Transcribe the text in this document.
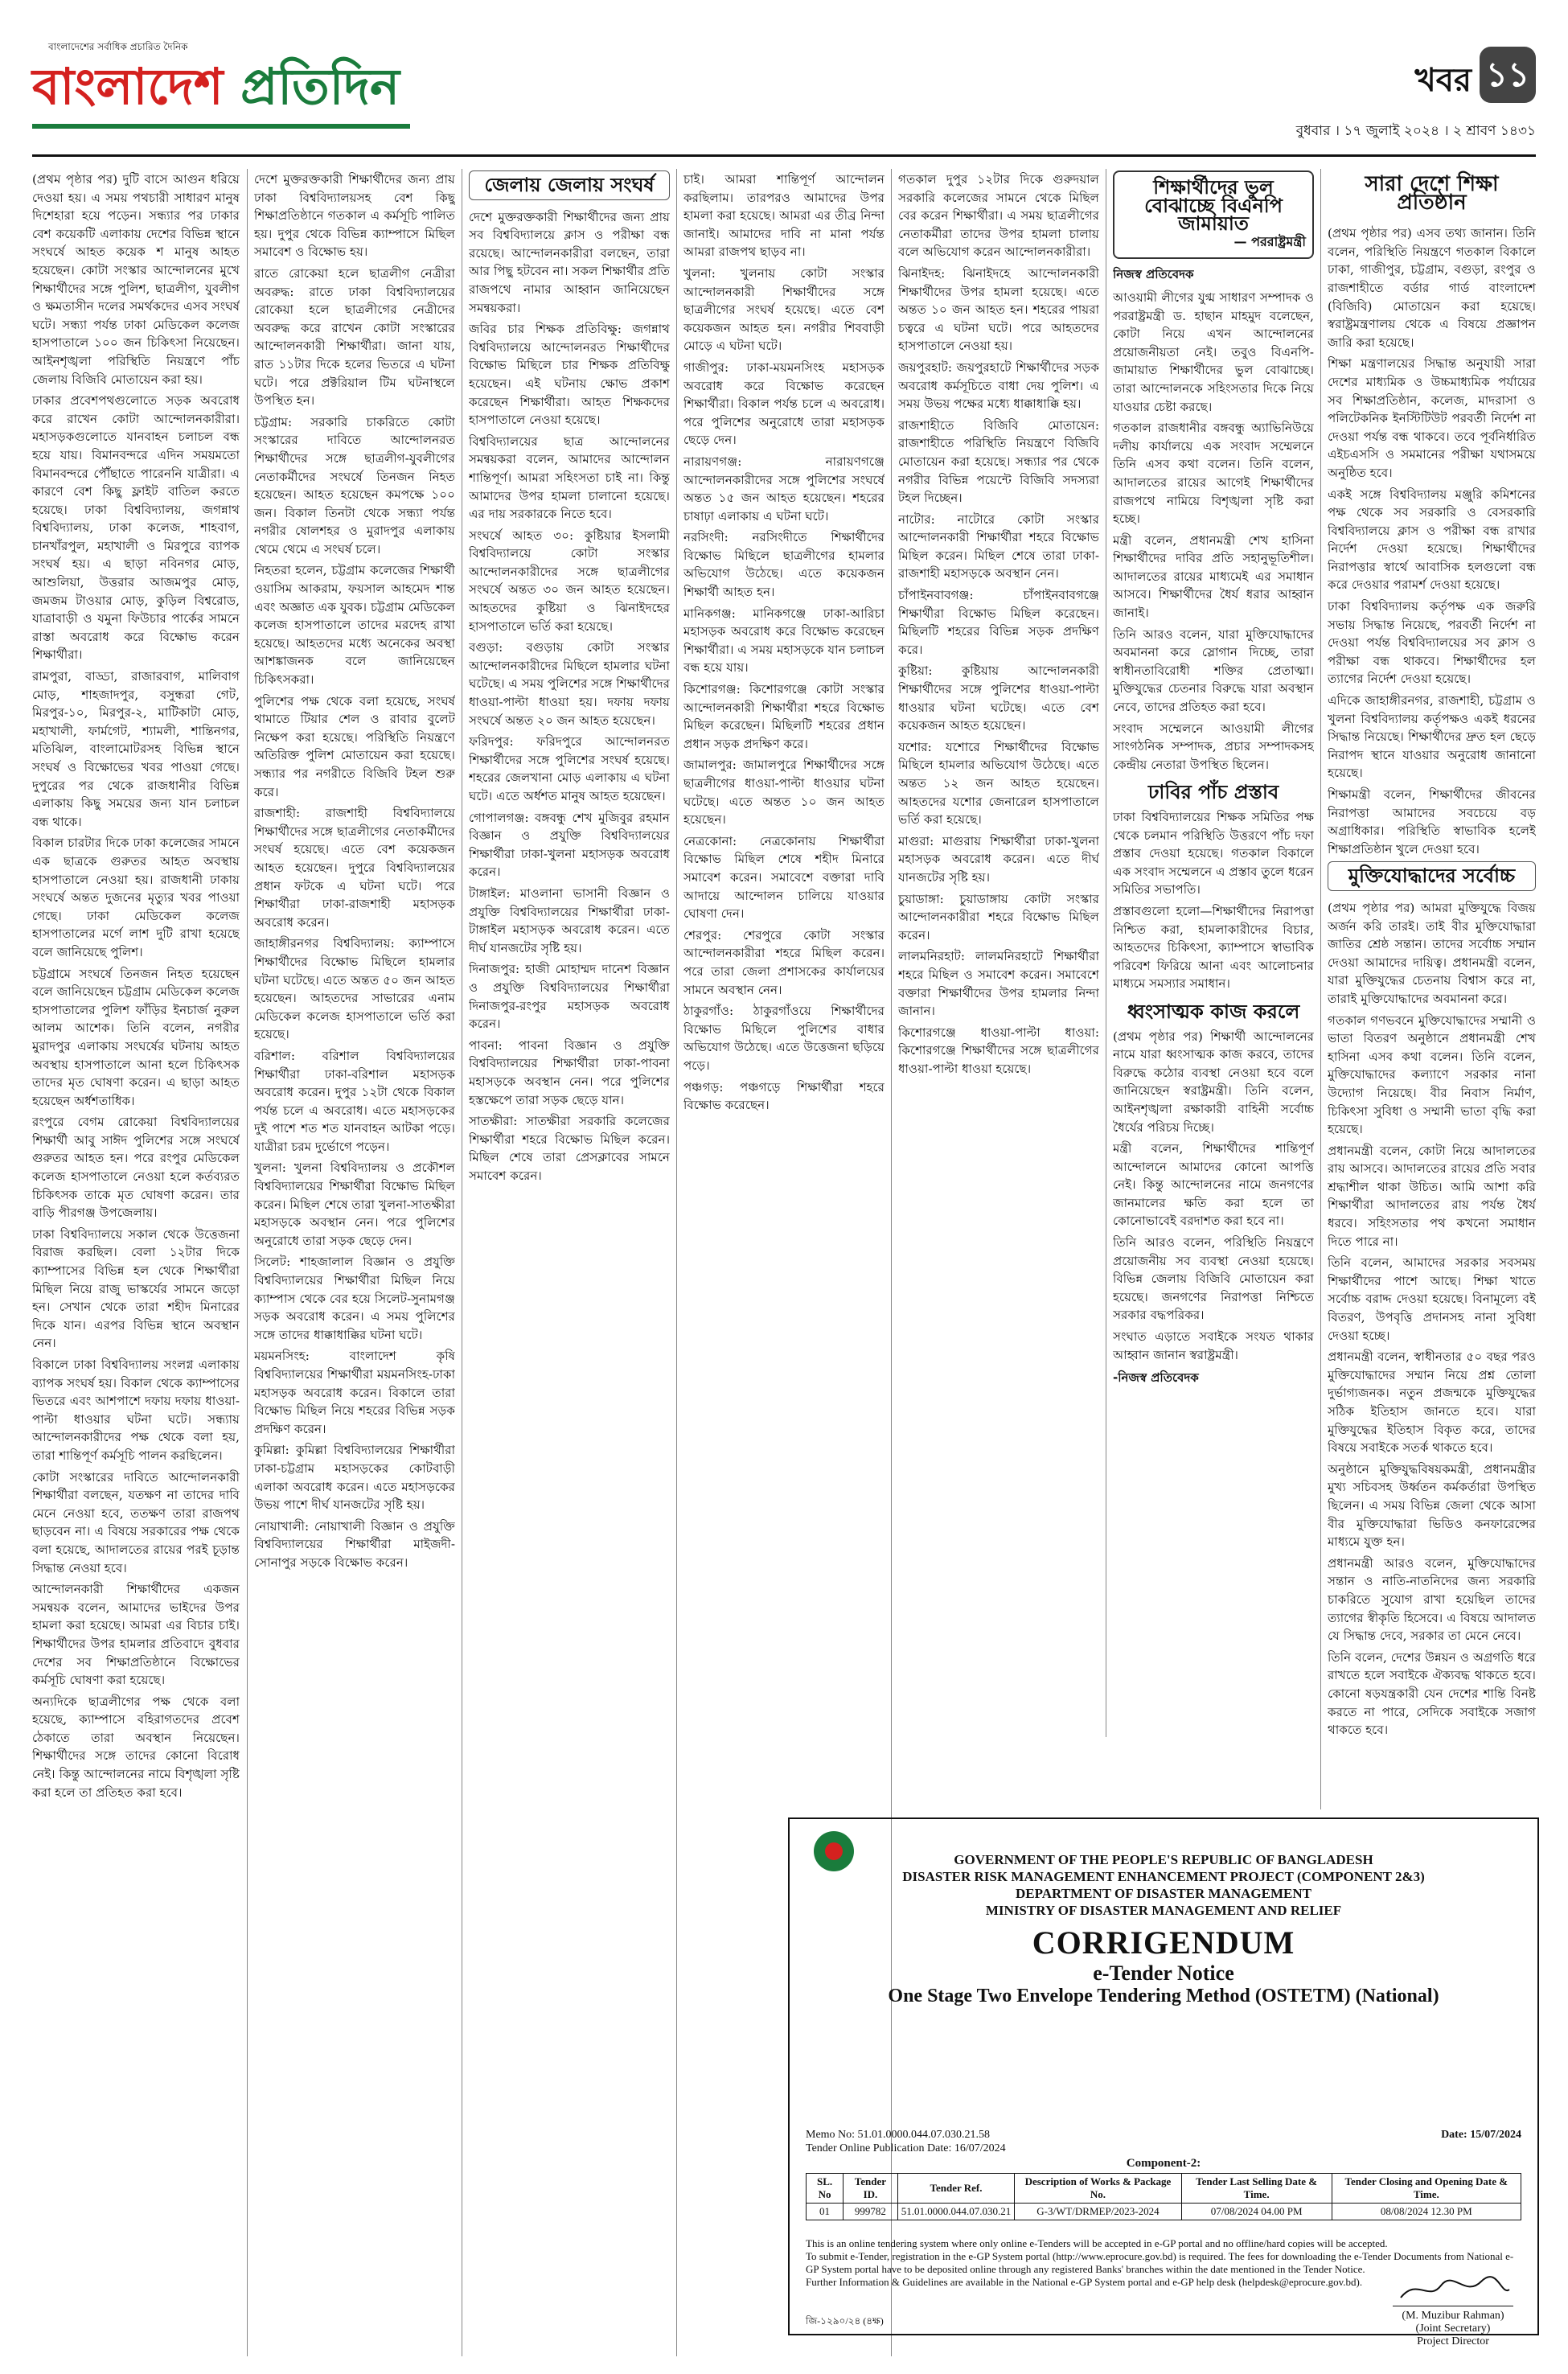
বাংলাদেশের সর্বাধিক প্রচারিত দৈনিক
বাংলাদেশ প্রতিদিন	খবর ১১
বুধবার । ১৭ জুলাই ২০২৪ । ২ শ্রাবণ ১৪৩১

(প্রথম পৃষ্ঠার পর) দুটি বাসে আগুন ধরিয়ে দেওয়া হয়। এ সময় পথচারী সাধারণ মানুষ দিশেহারা হয়ে পড়েন। সন্ধ্যার পর ঢাকার বেশ কয়েকটি এলাকায় দেশের বিভিন্ন স্থানে সংঘর্ষে আহত কয়েক শ মানুষ আহত হয়েছেন। কোটা সংস্কার আন্দোলনের মুখে শিক্ষার্থীদের সঙ্গে পুলিশ, ছাত্রলীগ, যুবলীগ ও ক্ষমতাসীন দলের সমর্থকদের এসব সংঘর্ষ ঘটে। সন্ধ্যা পর্যন্ত ঢাকা মেডিকেল কলেজ হাসপাতালে ১০০ জন চিকিৎসা নিয়েছেন। আইনশৃঙ্খলা পরিস্থিতি নিয়ন্ত্রণে পাঁচ জেলায় বিজিবি মোতায়েন করা হয়।

ঢাকার প্রবেশপথগুলোতে সড়ক অবরোধ করে রাখেন কোটা আন্দোলনকারীরা। মহাসড়কগুলোতে যানবাহন চলাচল বন্ধ হয়ে যায়। বিমানবন্দরে এদিন সময়মতো বিমানবন্দরে পৌঁছাতে পারেননি যাত্রীরা। এ কারণে বেশ কিছু ফ্লাইট বাতিল করতে হয়েছে। ঢাকা বিশ্ববিদ্যালয়, জগন্নাথ বিশ্ববিদ্যালয়, ঢাকা কলেজ, শাহবাগ, চানখাঁরপুল, মহাখালী ও মিরপুরে ব্যাপক সংঘর্ষ হয়। এ ছাড়া নবিনগর মোড়, আশুলিয়া, উত্তরার আজমপুর মোড়, জমজম টাওয়ার মোড়, কুড়িল বিশ্বরোড, যাত্রাবাড়ী ও যমুনা ফিউচার পার্কের সামনে রাস্তা অবরোধ করে বিক্ষোভ করেন শিক্ষার্থীরা।

রামপুরা, বাড্ডা, রাজারবাগ, মালিবাগ মোড়, শাহজাদপুর, বসুন্ধরা গেট, মিরপুর-১০, মিরপুর-২, মাটিকাটা মোড়, মহাখালী, ফার্মগেট, শ্যামলী, শান্তিনগর, মতিঝিল, বাংলামোটরসহ বিভিন্ন স্থানে সংঘর্ষ ও বিক্ষোভের খবর পাওয়া গেছে। দুপুরের পর থেকে রাজধানীর বিভিন্ন এলাকায় কিছু সময়ের জন্য যান চলাচল বন্ধ থাকে।

বিকাল চারটার দিকে ঢাকা কলেজের সামনে এক ছাত্রকে গুরুতর আহত অবস্থায় হাসপাতালে নেওয়া হয়। রাজধানী ঢাকায় সংঘর্ষে অন্তত দুজনের মৃত্যুর খবর পাওয়া গেছে। ঢাকা মেডিকেল কলেজ হাসপাতালের মর্গে লাশ দুটি রাখা হয়েছে বলে জানিয়েছে পুলিশ।

চট্টগ্রামে সংঘর্ষে তিনজন নিহত হয়েছেন বলে জানিয়েছেন চট্টগ্রাম মেডিকেল কলেজ হাসপাতালের পুলিশ ফাঁড়ির ইনচার্জ নুরুল আলম আশেক। তিনি বলেন, নগরীর মুরাদপুর এলাকায় সংঘর্ষের ঘটনায় আহত অবস্থায় হাসপাতালে আনা হলে চিকিৎসক তাদের মৃত ঘোষণা করেন। এ ছাড়া আহত হয়েছেন অর্ধশতাধিক।

রংপুরে বেগম রোকেয়া বিশ্ববিদ্যালয়ের শিক্ষার্থী আবু সাঈদ পুলিশের সঙ্গে সংঘর্ষে গুরুতর আহত হন। পরে রংপুর মেডিকেল কলেজ হাসপাতালে নেওয়া হলে কর্তব্যরত চিকিৎসক তাকে মৃত ঘোষণা করেন। তার বাড়ি পীরগঞ্জ উপজেলায়।

ঢাকা বিশ্ববিদ্যালয়ে সকাল থেকে উত্তেজনা বিরাজ করছিল। বেলা ১২টার দিকে ক্যাম্পাসের বিভিন্ন হল থেকে শিক্ষার্থীরা মিছিল নিয়ে রাজু ভাস্কর্যের সামনে জড়ো হন। সেখান থেকে তারা শহীদ মিনারের দিকে যান। এরপর বিভিন্ন স্থানে অবস্থান নেন।

বিকালে ঢাকা বিশ্ববিদ্যালয় সংলগ্ন এলাকায় ব্যাপক সংঘর্ষ হয়। বিকাল থেকে ক্যাম্পাসের ভিতরে এবং আশপাশে দফায় দফায় ধাওয়া-পাল্টা ধাওয়ার ঘটনা ঘটে। সন্ধ্যায় আন্দোলনকারীদের পক্ষ থেকে বলা হয়, তারা শান্তিপূর্ণ কর্মসূচি পালন করছিলেন।

কোটা সংস্কারের দাবিতে আন্দোলনকারী শিক্ষার্থীরা বলছেন, যতক্ষণ না তাদের দাবি মেনে নেওয়া হবে, ততক্ষণ তারা রাজপথ ছাড়বেন না। এ বিষয়ে সরকারের পক্ষ থেকে বলা হয়েছে, আদালতের রায়ের পরই চূড়ান্ত সিদ্ধান্ত নেওয়া হবে।

আন্দোলনকারী শিক্ষার্থীদের একজন সমন্বয়ক বলেন, আমাদের ভাইদের উপর হামলা করা হয়েছে। আমরা এর বিচার চাই। শিক্ষার্থীদের উপর হামলার প্রতিবাদে বুধবার দেশের সব শিক্ষাপ্রতিষ্ঠানে বিক্ষোভের কর্মসূচি ঘোষণা করা হয়েছে।

অন্যদিকে ছাত্রলীগের পক্ষ থেকে বলা হয়েছে, ক্যাম্পাসে বহিরাগতদের প্রবেশ ঠেকাতে তারা অবস্থান নিয়েছেন। শিক্ষার্থীদের সঙ্গে তাদের কোনো বিরোধ নেই। কিন্তু আন্দোলনের নামে বিশৃঙ্খলা সৃষ্টি করা হলে তা প্রতিহত করা হবে।

দেশে মুক্তরক্তকারী শিক্ষার্থীদের জন্য প্রায় ঢাকা বিশ্ববিদ্যালয়সহ বেশ কিছু শিক্ষাপ্রতিষ্ঠানে গতকাল এ কর্মসূচি পালিত হয়। দুপুর থেকে বিভিন্ন ক্যাম্পাসে মিছিল সমাবেশ ও বিক্ষোভ হয়।

রাতে রোকেয়া হলে ছাত্রলীগ নেত্রীরা অবরুদ্ধ: রাতে ঢাকা বিশ্ববিদ্যালয়ের রোকেয়া হলে ছাত্রলীগের নেত্রীদের অবরুদ্ধ করে রাখেন কোটা সংস্কারের আন্দোলনকারী শিক্ষার্থীরা। জানা যায়, রাত ১১টার দিকে হলের ভিতরে এ ঘটনা ঘটে। পরে প্রক্টরিয়াল টিম ঘটনাস্থলে উপস্থিত হন।

চট্টগ্রাম: সরকারি চাকরিতে কোটা সংস্কারের দাবিতে আন্দোলনরত শিক্ষার্থীদের সঙ্গে ছাত্রলীগ-যুবলীগের নেতাকর্মীদের সংঘর্ষে তিনজন নিহত হয়েছেন। আহত হয়েছেন কমপক্ষে ১০০ জন। বিকাল তিনটা থেকে সন্ধ্যা পর্যন্ত নগরীর ষোলশহর ও মুরাদপুর এলাকায় থেমে থেমে এ সংঘর্ষ চলে।

নিহতরা হলেন, চট্টগ্রাম কলেজের শিক্ষার্থী ওয়াসিম আকরাম, ফয়সাল আহমেদ শান্ত এবং অজ্ঞাত এক যুবক। চট্টগ্রাম মেডিকেল কলেজ হাসপাতালে তাদের মরদেহ রাখা হয়েছে। আহতদের মধ্যে অনেকের অবস্থা আশঙ্কাজনক বলে জানিয়েছেন চিকিৎসকরা।

পুলিশের পক্ষ থেকে বলা হয়েছে, সংঘর্ষ থামাতে টিয়ার শেল ও রাবার বুলেট নিক্ষেপ করা হয়েছে। পরিস্থিতি নিয়ন্ত্রণে অতিরিক্ত পুলিশ মোতায়েন করা হয়েছে। সন্ধ্যার পর নগরীতে বিজিবি টহল শুরু করে।

রাজশাহী: রাজশাহী বিশ্ববিদ্যালয়ে শিক্ষার্থীদের সঙ্গে ছাত্রলীগের নেতাকর্মীদের সংঘর্ষ হয়েছে। এতে বেশ কয়েকজন আহত হয়েছেন। দুপুরে বিশ্ববিদ্যালয়ের প্রধান ফটকে এ ঘটনা ঘটে। পরে শিক্ষার্থীরা ঢাকা-রাজশাহী মহাসড়ক অবরোধ করেন।

জাহাঙ্গীরনগর বিশ্ববিদ্যালয়: ক্যাম্পাসে শিক্ষার্থীদের বিক্ষোভ মিছিলে হামলার ঘটনা ঘটেছে। এতে অন্তত ৫০ জন আহত হয়েছেন। আহতদের সাভারের এনাম মেডিকেল কলেজ হাসপাতালে ভর্তি করা হয়েছে।

বরিশাল: বরিশাল বিশ্ববিদ্যালয়ের শিক্ষার্থীরা ঢাকা-বরিশাল মহাসড়ক অবরোধ করেন। দুপুর ১২টা থেকে বিকাল পর্যন্ত চলে এ অবরোধ। এতে মহাসড়কের দুই পাশে শত শত যানবাহন আটকা পড়ে। যাত্রীরা চরম দুর্ভোগে পড়েন।

খুলনা: খুলনা বিশ্ববিদ্যালয় ও প্রকৌশল বিশ্ববিদ্যালয়ের শিক্ষার্থীরা বিক্ষোভ মিছিল করেন। মিছিল শেষে তারা খুলনা-সাতক্ষীরা মহাসড়কে অবস্থান নেন। পরে পুলিশের অনুরোধে তারা সড়ক ছেড়ে দেন।

সিলেট: শাহজালাল বিজ্ঞান ও প্রযুক্তি বিশ্ববিদ্যালয়ের শিক্ষার্থীরা মিছিল নিয়ে ক্যাম্পাস থেকে বের হয়ে সিলেট-সুনামগঞ্জ সড়ক অবরোধ করেন। এ সময় পুলিশের সঙ্গে তাদের ধাক্কাধাক্কির ঘটনা ঘটে।

ময়মনসিংহ: বাংলাদেশ কৃষি বিশ্ববিদ্যালয়ের শিক্ষার্থীরা ময়মনসিংহ-ঢাকা মহাসড়ক অবরোধ করেন। বিকালে তারা বিক্ষোভ মিছিল নিয়ে শহরের বিভিন্ন সড়ক প্রদক্ষিণ করেন।

কুমিল্লা: কুমিল্লা বিশ্ববিদ্যালয়ের শিক্ষার্থীরা ঢাকা-চট্টগ্রাম মহাসড়কের কোটবাড়ী এলাকা অবরোধ করেন। এতে মহাসড়কের উভয় পাশে দীর্ঘ যানজটের সৃষ্টি হয়।

নোয়াখালী: নোয়াখালী বিজ্ঞান ও প্রযুক্তি বিশ্ববিদ্যালয়ের শিক্ষার্থীরা মাইজদী-সোনাপুর সড়কে বিক্ষোভ করেন।

জেলায় জেলায় সংঘর্ষ

দেশে মুক্তরক্তকারী শিক্ষার্থীদের জন্য প্রায় সব বিশ্ববিদ্যালয়ে ক্লাস ও পরীক্ষা বন্ধ রয়েছে। আন্দোলনকারীরা বলছেন, তারা আর পিছু হটবেন না। সকল শিক্ষার্থীর প্রতি রাজপথে নামার আহ্বান জানিয়েছেন সমন্বয়করা।

জবির চার শিক্ষক প্রতিবিক্ষু: জগন্নাথ বিশ্ববিদ্যালয়ে আন্দোলনরত শিক্ষার্থীদের বিক্ষোভ মিছিলে চার শিক্ষক প্রতিবিক্ষু হয়েছেন। এই ঘটনায় ক্ষোভ প্রকাশ করেছেন শিক্ষার্থীরা। আহত শিক্ষকদের হাসপাতালে নেওয়া হয়েছে।

বিশ্ববিদ্যালয়ের ছাত্র আন্দোলনের সমন্বয়করা বলেন, আমাদের আন্দোলন শান্তিপূর্ণ। আমরা সহিংসতা চাই না। কিন্তু আমাদের উপর হামলা চালানো হয়েছে। এর দায় সরকারকে নিতে হবে।

সংঘর্ষে আহত ৩০: কুষ্টিয়ার ইসলামী বিশ্ববিদ্যালয়ে কোটা সংস্কার আন্দোলনকারীদের সঙ্গে ছাত্রলীগের সংঘর্ষে অন্তত ৩০ জন আহত হয়েছেন। আহতদের কুষ্টিয়া ও ঝিনাইদহের হাসপাতালে ভর্তি করা হয়েছে।

বগুড়া: বগুড়ায় কোটা সংস্কার আন্দোলনকারীদের মিছিলে হামলার ঘটনা ঘটেছে। এ সময় পুলিশের সঙ্গে শিক্ষার্থীদের ধাওয়া-পাল্টা ধাওয়া হয়। দফায় দফায় সংঘর্ষে অন্তত ২০ জন আহত হয়েছেন।

ফরিদপুর: ফরিদপুরে আন্দোলনরত শিক্ষার্থীদের সঙ্গে পুলিশের সংঘর্ষ হয়েছে। শহরের জেলখানা মোড় এলাকায় এ ঘটনা ঘটে। এতে অর্ধশত মানুষ আহত হয়েছেন।

গোপালগঞ্জ: বঙ্গবন্ধু শেখ মুজিবুর রহমান বিজ্ঞান ও প্রযুক্তি বিশ্ববিদ্যালয়ের শিক্ষার্থীরা ঢাকা-খুলনা মহাসড়ক অবরোধ করেন।

টাঙ্গাইল: মাওলানা ভাসানী বিজ্ঞান ও প্রযুক্তি বিশ্ববিদ্যালয়ের শিক্ষার্থীরা ঢাকা-টাঙ্গাইল মহাসড়ক অবরোধ করেন। এতে দীর্ঘ যানজটের সৃষ্টি হয়।

দিনাজপুর: হাজী মোহাম্মদ দানেশ বিজ্ঞান ও প্রযুক্তি বিশ্ববিদ্যালয়ের শিক্ষার্থীরা দিনাজপুর-রংপুর মহাসড়ক অবরোধ করেন।

পাবনা: পাবনা বিজ্ঞান ও প্রযুক্তি বিশ্ববিদ্যালয়ের শিক্ষার্থীরা ঢাকা-পাবনা মহাসড়কে অবস্থান নেন। পরে পুলিশের হস্তক্ষেপে তারা সড়ক ছেড়ে যান।

সাতক্ষীরা: সাতক্ষীরা সরকারি কলেজের শিক্ষার্থীরা শহরে বিক্ষোভ মিছিল করেন। মিছিল শেষে তারা প্রেসক্লাবের সামনে সমাবেশ করেন।

চাই। আমরা শান্তিপূর্ণ আন্দোলন করছিলাম। তারপরও আমাদের উপর হামলা করা হয়েছে। আমরা এর তীব্র নিন্দা জানাই। আমাদের দাবি না মানা পর্যন্ত আমরা রাজপথ ছাড়ব না।

খুলনা: খুলনায় কোটা সংস্কার আন্দোলনকারী শিক্ষার্থীদের সঙ্গে ছাত্রলীগের সংঘর্ষ হয়েছে। এতে বেশ কয়েকজন আহত হন। নগরীর শিববাড়ী মোড়ে এ ঘটনা ঘটে।

গাজীপুর: ঢাকা-ময়মনসিংহ মহাসড়ক অবরোধ করে বিক্ষোভ করেছেন শিক্ষার্থীরা। বিকাল পর্যন্ত চলে এ অবরোধ। পরে পুলিশের অনুরোধে তারা মহাসড়ক ছেড়ে দেন।

নারায়ণগঞ্জ: নারায়ণগঞ্জে আন্দোলনকারীদের সঙ্গে পুলিশের সংঘর্ষে অন্তত ১৫ জন আহত হয়েছেন। শহরের চাষাঢ়া এলাকায় এ ঘটনা ঘটে।

নরসিংদী: নরসিংদীতে শিক্ষার্থীদের বিক্ষোভ মিছিলে ছাত্রলীগের হামলার অভিযোগ উঠেছে। এতে কয়েকজন শিক্ষার্থী আহত হন।

মানিকগঞ্জ: মানিকগঞ্জে ঢাকা-আরিচা মহাসড়ক অবরোধ করে বিক্ষোভ করেছেন শিক্ষার্থীরা। এ সময় মহাসড়কে যান চলাচল বন্ধ হয়ে যায়।

কিশোরগঞ্জ: কিশোরগঞ্জে কোটা সংস্কার আন্দোলনকারী শিক্ষার্থীরা শহরে বিক্ষোভ মিছিল করেছেন। মিছিলটি শহরের প্রধান প্রধান সড়ক প্রদক্ষিণ করে।

জামালপুর: জামালপুরে শিক্ষার্থীদের সঙ্গে ছাত্রলীগের ধাওয়া-পাল্টা ধাওয়ার ঘটনা ঘটেছে। এতে অন্তত ১০ জন আহত হয়েছেন।

নেত্রকোনা: নেত্রকোনায় শিক্ষার্থীরা বিক্ষোভ মিছিল শেষে শহীদ মিনারে সমাবেশ করেন। সমাবেশে বক্তারা দাবি আদায়ে আন্দোলন চালিয়ে যাওয়ার ঘোষণা দেন।

শেরপুর: শেরপুরে কোটা সংস্কার আন্দোলনকারীরা শহরে মিছিল করেন। পরে তারা জেলা প্রশাসকের কার্যালয়ের সামনে অবস্থান নেন।

ঠাকুরগাঁও: ঠাকুরগাঁওয়ে শিক্ষার্থীদের বিক্ষোভ মিছিলে পুলিশের বাধার অভিযোগ উঠেছে। এতে উত্তেজনা ছড়িয়ে পড়ে।

পঞ্চগড়: পঞ্চগড়ে শিক্ষার্থীরা শহরে বিক্ষোভ করেছেন।

গতকাল দুপুর ১২টার দিকে গুরুদয়াল সরকারি কলেজের সামনে থেকে মিছিল বের করেন শিক্ষার্থীরা। এ সময় ছাত্রলীগের নেতাকর্মীরা তাদের উপর হামলা চালায় বলে অভিযোগ করেন আন্দোলনকারীরা।

ঝিনাইদহ: ঝিনাইদহে আন্দোলনকারী শিক্ষার্থীদের উপর হামলা হয়েছে। এতে অন্তত ১০ জন আহত হন। শহরের পায়রা চত্বরে এ ঘটনা ঘটে। পরে আহতদের হাসপাতালে নেওয়া হয়।

জয়পুরহাট: জয়পুরহাটে শিক্ষার্থীদের সড়ক অবরোধ কর্মসূচিতে বাধা দেয় পুলিশ। এ সময় উভয় পক্ষের মধ্যে ধাক্কাধাক্কি হয়।

রাজশাহীতে বিজিবি মোতায়েন: রাজশাহীতে পরিস্থিতি নিয়ন্ত্রণে বিজিবি মোতায়েন করা হয়েছে। সন্ধ্যার পর থেকে নগরীর বিভিন্ন পয়েন্টে বিজিবি সদস্যরা টহল দিচ্ছেন।

নাটোর: নাটোরে কোটা সংস্কার আন্দোলনকারী শিক্ষার্থীরা শহরে বিক্ষোভ মিছিল করেন। মিছিল শেষে তারা ঢাকা-রাজশাহী মহাসড়কে অবস্থান নেন।

চাঁপাইনবাবগঞ্জ: চাঁপাইনবাবগঞ্জে শিক্ষার্থীরা বিক্ষোভ মিছিল করেছেন। মিছিলটি শহরের বিভিন্ন সড়ক প্রদক্ষিণ করে।

কুষ্টিয়া: কুষ্টিয়ায় আন্দোলনকারী শিক্ষার্থীদের সঙ্গে পুলিশের ধাওয়া-পাল্টা ধাওয়ার ঘটনা ঘটেছে। এতে বেশ কয়েকজন আহত হয়েছেন।

যশোর: যশোরে শিক্ষার্থীদের বিক্ষোভ মিছিলে হামলার অভিযোগ উঠেছে। এতে অন্তত ১২ জন আহত হয়েছেন। আহতদের যশোর জেনারেল হাসপাতালে ভর্তি করা হয়েছে।

মাগুরা: মাগুরায় শিক্ষার্থীরা ঢাকা-খুলনা মহাসড়ক অবরোধ করেন। এতে দীর্ঘ যানজটের সৃষ্টি হয়।

চুয়াডাঙ্গা: চুয়াডাঙ্গায় কোটা সংস্কার আন্দোলনকারীরা শহরে বিক্ষোভ মিছিল করেন।

লালমনিরহাট: লালমনিরহাটে শিক্ষার্থীরা শহরে মিছিল ও সমাবেশ করেন। সমাবেশে বক্তারা শিক্ষার্থীদের উপর হামলার নিন্দা জানান।

কিশোরগঞ্জে ধাওয়া-পাল্টা ধাওয়া: কিশোরগঞ্জে শিক্ষার্থীদের সঙ্গে ছাত্রলীগের ধাওয়া-পাল্টা ধাওয়া হয়েছে।

শিক্ষার্থীদের ভুল বোঝাচ্ছে বিএনপি জামায়াত
— পররাষ্ট্রমন্ত্রী
নিজস্ব প্রতিবেদক

আওয়ামী লীগের যুগ্ম সাধারণ সম্পাদক ও পররাষ্ট্রমন্ত্রী ড. হাছান মাহমুদ বলেছেন, কোটা নিয়ে এখন আন্দোলনের প্রয়োজনীয়তা নেই। তবুও বিএনপি-জামায়াত শিক্ষার্থীদের ভুল বোঝাচ্ছে। তারা আন্দোলনকে সহিংসতার দিকে নিয়ে যাওয়ার চেষ্টা করছে।

গতকাল রাজধানীর বঙ্গবন্ধু অ্যাভিনিউয়ে দলীয় কার্যালয়ে এক সংবাদ সম্মেলনে তিনি এসব কথা বলেন। তিনি বলেন, আদালতের রায়ের আগেই শিক্ষার্থীদের রাজপথে নামিয়ে বিশৃঙ্খলা সৃষ্টি করা হচ্ছে।

মন্ত্রী বলেন, প্রধানমন্ত্রী শেখ হাসিনা শিক্ষার্থীদের দাবির প্রতি সহানুভূতিশীল। আদালতের রায়ের মাধ্যমেই এর সমাধান আসবে। শিক্ষার্থীদের ধৈর্য ধরার আহ্বান জানাই।

তিনি আরও বলেন, যারা মুক্তিযোদ্ধাদের অবমাননা করে স্লোগান দিচ্ছে, তারা স্বাধীনতাবিরোধী শক্তির প্রেতাত্মা। মুক্তিযুদ্ধের চেতনার বিরুদ্ধে যারা অবস্থান নেবে, তাদের প্রতিহত করা হবে।

সংবাদ সম্মেলনে আওয়ামী লীগের সাংগঠনিক সম্পাদক, প্রচার সম্পাদকসহ কেন্দ্রীয় নেতারা উপস্থিত ছিলেন।

ঢাবির পাঁচ প্রস্তাব

ঢাকা বিশ্ববিদ্যালয়ের শিক্ষক সমিতির পক্ষ থেকে চলমান পরিস্থিতি উত্তরণে পাঁচ দফা প্রস্তাব দেওয়া হয়েছে। গতকাল বিকালে এক সংবাদ সম্মেলনে এ প্রস্তাব তুলে ধরেন সমিতির সভাপতি।

প্রস্তাবগুলো হলো—শিক্ষার্থীদের নিরাপত্তা নিশ্চিত করা, হামলাকারীদের বিচার, আহতদের চিকিৎসা, ক্যাম্পাসে স্বাভাবিক পরিবেশ ফিরিয়ে আনা এবং আলোচনার মাধ্যমে সমস্যার সমাধান।

ধ্বংসাত্মক কাজ করলে

(প্রথম পৃষ্ঠার পর) শিক্ষার্থী আন্দোলনের নামে যারা ধ্বংসাত্মক কাজ করবে, তাদের বিরুদ্ধে কঠোর ব্যবস্থা নেওয়া হবে বলে জানিয়েছেন স্বরাষ্ট্রমন্ত্রী। তিনি বলেন, আইনশৃঙ্খলা রক্ষাকারী বাহিনী সর্বোচ্চ ধৈর্যের পরিচয় দিচ্ছে।

মন্ত্রী বলেন, শিক্ষার্থীদের শান্তিপূর্ণ আন্দোলনে আমাদের কোনো আপত্তি নেই। কিন্তু আন্দোলনের নামে জনগণের জানমালের ক্ষতি করা হলে তা কোনোভাবেই বরদাশত করা হবে না।

তিনি আরও বলেন, পরিস্থিতি নিয়ন্ত্রণে প্রয়োজনীয় সব ব্যবস্থা নেওয়া হয়েছে। বিভিন্ন জেলায় বিজিবি মোতায়েন করা হয়েছে। জনগণের নিরাপত্তা নিশ্চিতে সরকার বদ্ধপরিকর।

সংঘাত এড়াতে সবাইকে সংযত থাকার আহ্বান জানান স্বরাষ্ট্রমন্ত্রী।

-নিজস্ব প্রতিবেদক
সারা দেশে শিক্ষা প্রতিষ্ঠান

(প্রথম পৃষ্ঠার পর) এসব তথ্য জানান। তিনি বলেন, পরিস্থিতি নিয়ন্ত্রণে গতকাল বিকালে ঢাকা, গাজীপুর, চট্টগ্রাম, বগুড়া, রংপুর ও রাজশাহীতে বর্ডার গার্ড বাংলাদেশ (বিজিবি) মোতায়েন করা হয়েছে। স্বরাষ্ট্রমন্ত্রণালয় থেকে এ বিষয়ে প্রজ্ঞাপন জারি করা হয়েছে।

শিক্ষা মন্ত্রণালয়ের সিদ্ধান্ত অনুযায়ী সারা দেশের মাধ্যমিক ও উচ্চমাধ্যমিক পর্যায়ের সব শিক্ষাপ্রতিষ্ঠান, কলেজ, মাদরাসা ও পলিটেকনিক ইনস্টিটিউট পরবর্তী নির্দেশ না দেওয়া পর্যন্ত বন্ধ থাকবে। তবে পূর্বনির্ধারিত এইচএসসি ও সমমানের পরীক্ষা যথাসময়ে অনুষ্ঠিত হবে।

একই সঙ্গে বিশ্ববিদ্যালয় মঞ্জুরি কমিশনের পক্ষ থেকে সব সরকারি ও বেসরকারি বিশ্ববিদ্যালয়ে ক্লাস ও পরীক্ষা বন্ধ রাখার নির্দেশ দেওয়া হয়েছে। শিক্ষার্থীদের নিরাপত্তার স্বার্থে আবাসিক হলগুলো বন্ধ করে দেওয়ার পরামর্শ দেওয়া হয়েছে।

ঢাকা বিশ্ববিদ্যালয় কর্তৃপক্ষ এক জরুরি সভায় সিদ্ধান্ত নিয়েছে, পরবর্তী নির্দেশ না দেওয়া পর্যন্ত বিশ্ববিদ্যালয়ের সব ক্লাস ও পরীক্ষা বন্ধ থাকবে। শিক্ষার্থীদের হল ত্যাগের নির্দেশ দেওয়া হয়েছে।

এদিকে জাহাঙ্গীরনগর, রাজশাহী, চট্টগ্রাম ও খুলনা বিশ্ববিদ্যালয় কর্তৃপক্ষও একই ধরনের সিদ্ধান্ত নিয়েছে। শিক্ষার্থীদের দ্রুত হল ছেড়ে নিরাপদ স্থানে যাওয়ার অনুরোধ জানানো হয়েছে।

শিক্ষামন্ত্রী বলেন, শিক্ষার্থীদের জীবনের নিরাপত্তা আমাদের সবচেয়ে বড় অগ্রাধিকার। পরিস্থিতি স্বাভাবিক হলেই শিক্ষাপ্রতিষ্ঠান খুলে দেওয়া হবে।

মুক্তিযোদ্ধাদের সর্বোচ্চ

(প্রথম পৃষ্ঠার পর) আমরা মুক্তিযুদ্ধে বিজয় অর্জন করি তারই। তাই বীর মুক্তিযোদ্ধারা জাতির শ্রেষ্ঠ সন্তান। তাদের সর্বোচ্চ সম্মান দেওয়া আমাদের দায়িত্ব। প্রধানমন্ত্রী বলেন, যারা মুক্তিযুদ্ধের চেতনায় বিশ্বাস করে না, তারাই মুক্তিযোদ্ধাদের অবমাননা করে।

গতকাল গণভবনে মুক্তিযোদ্ধাদের সম্মানী ও ভাতা বিতরণ অনুষ্ঠানে প্রধানমন্ত্রী শেখ হাসিনা এসব কথা বলেন। তিনি বলেন, মুক্তিযোদ্ধাদের কল্যাণে সরকার নানা উদ্যোগ নিয়েছে। বীর নিবাস নির্মাণ, চিকিৎসা সুবিধা ও সম্মানী ভাতা বৃদ্ধি করা হয়েছে।

প্রধানমন্ত্রী বলেন, কোটা নিয়ে আদালতের রায় আসবে। আদালতের রায়ের প্রতি সবার শ্রদ্ধাশীল থাকা উচিত। আমি আশা করি শিক্ষার্থীরা আদালতের রায় পর্যন্ত ধৈর্য ধরবে। সহিংসতার পথ কখনো সমাধান দিতে পারে না।

তিনি বলেন, আমাদের সরকার সবসময় শিক্ষার্থীদের পাশে আছে। শিক্ষা খাতে সর্বোচ্চ বরাদ্দ দেওয়া হয়েছে। বিনামূল্যে বই বিতরণ, উপবৃত্তি প্রদানসহ নানা সুবিধা দেওয়া হচ্ছে।

প্রধানমন্ত্রী বলেন, স্বাধীনতার ৫০ বছর পরও মুক্তিযোদ্ধাদের সম্মান নিয়ে প্রশ্ন তোলা দুর্ভাগ্যজনক। নতুন প্রজন্মকে মুক্তিযুদ্ধের সঠিক ইতিহাস জানতে হবে। যারা মুক্তিযুদ্ধের ইতিহাস বিকৃত করে, তাদের বিষয়ে সবাইকে সতর্ক থাকতে হবে।

অনুষ্ঠানে মুক্তিযুদ্ধবিষয়কমন্ত্রী, প্রধানমন্ত্রীর মুখ্য সচিবসহ উর্ধ্বতন কর্মকর্তারা উপস্থিত ছিলেন। এ সময় বিভিন্ন জেলা থেকে আসা বীর মুক্তিযোদ্ধারা ভিডিও কনফারেন্সের মাধ্যমে যুক্ত হন।

প্রধানমন্ত্রী আরও বলেন, মুক্তিযোদ্ধাদের সন্তান ও নাতি-নাতনিদের জন্য সরকারি চাকরিতে সুযোগ রাখা হয়েছিল তাদের ত্যাগের স্বীকৃতি হিসেবে। এ বিষয়ে আদালত যে সিদ্ধান্ত দেবে, সরকার তা মেনে নেবে।

তিনি বলেন, দেশের উন্নয়ন ও অগ্রগতি ধরে রাখতে হলে সবাইকে ঐক্যবদ্ধ থাকতে হবে। কোনো ষড়যন্ত্রকারী যেন দেশের শান্তি বিনষ্ট করতে না পারে, সেদিকে সবাইকে সজাগ থাকতে হবে।

GOVERNMENT OF THE PEOPLE'S REPUBLIC OF BANGLADESH
DISASTER RISK MANAGEMENT ENHANCEMENT PROJECT (COMPONENT 2&3)
DEPARTMENT OF DISASTER MANAGEMENT
MINISTRY OF DISASTER MANAGEMENT AND RELIEF
CORRIGENDUM
e-Tender Notice
One Stage Two Envelope Tendering Method (OSTETM) (National)
Memo No: 51.01.0000.044.07.030.21.58	Date: 15/07/2024
Tender Online Publication Date: 16/07/2024
Component-2:
SL. No	Tender ID.	Tender Ref.	Description of Works & Package No.	Tender Last Selling Date & Time.	Tender Closing and Opening Date & Time.
01	999782	51.01.0000.044.07.030.21	G-3/WT/DRMEP/2023-2024	07/08/2024 04.00 PM	08/08/2024 12.30 PM
This is an online tendering system where only online e-Tenders will be accepted in e-GP portal and no offline/hard copies will be accepted.
To submit e-Tender, registration in the e-GP System portal (http://www.eprocure.gov.bd) is required. The fees for downloading the e-Tender Documents from National e-GP System portal have to be deposited online through any registered Banks' branches within the date mentioned in the Tender Notice.
Further Information & Guidelines are available in the National e-GP System portal and e-GP help desk (helpdesk@eprocure.gov.bd).
(M. Muzibur Rahman)
(Joint Secretary)
Project Director
জি-১২৯০/২৪ (৪ক্ষ)
